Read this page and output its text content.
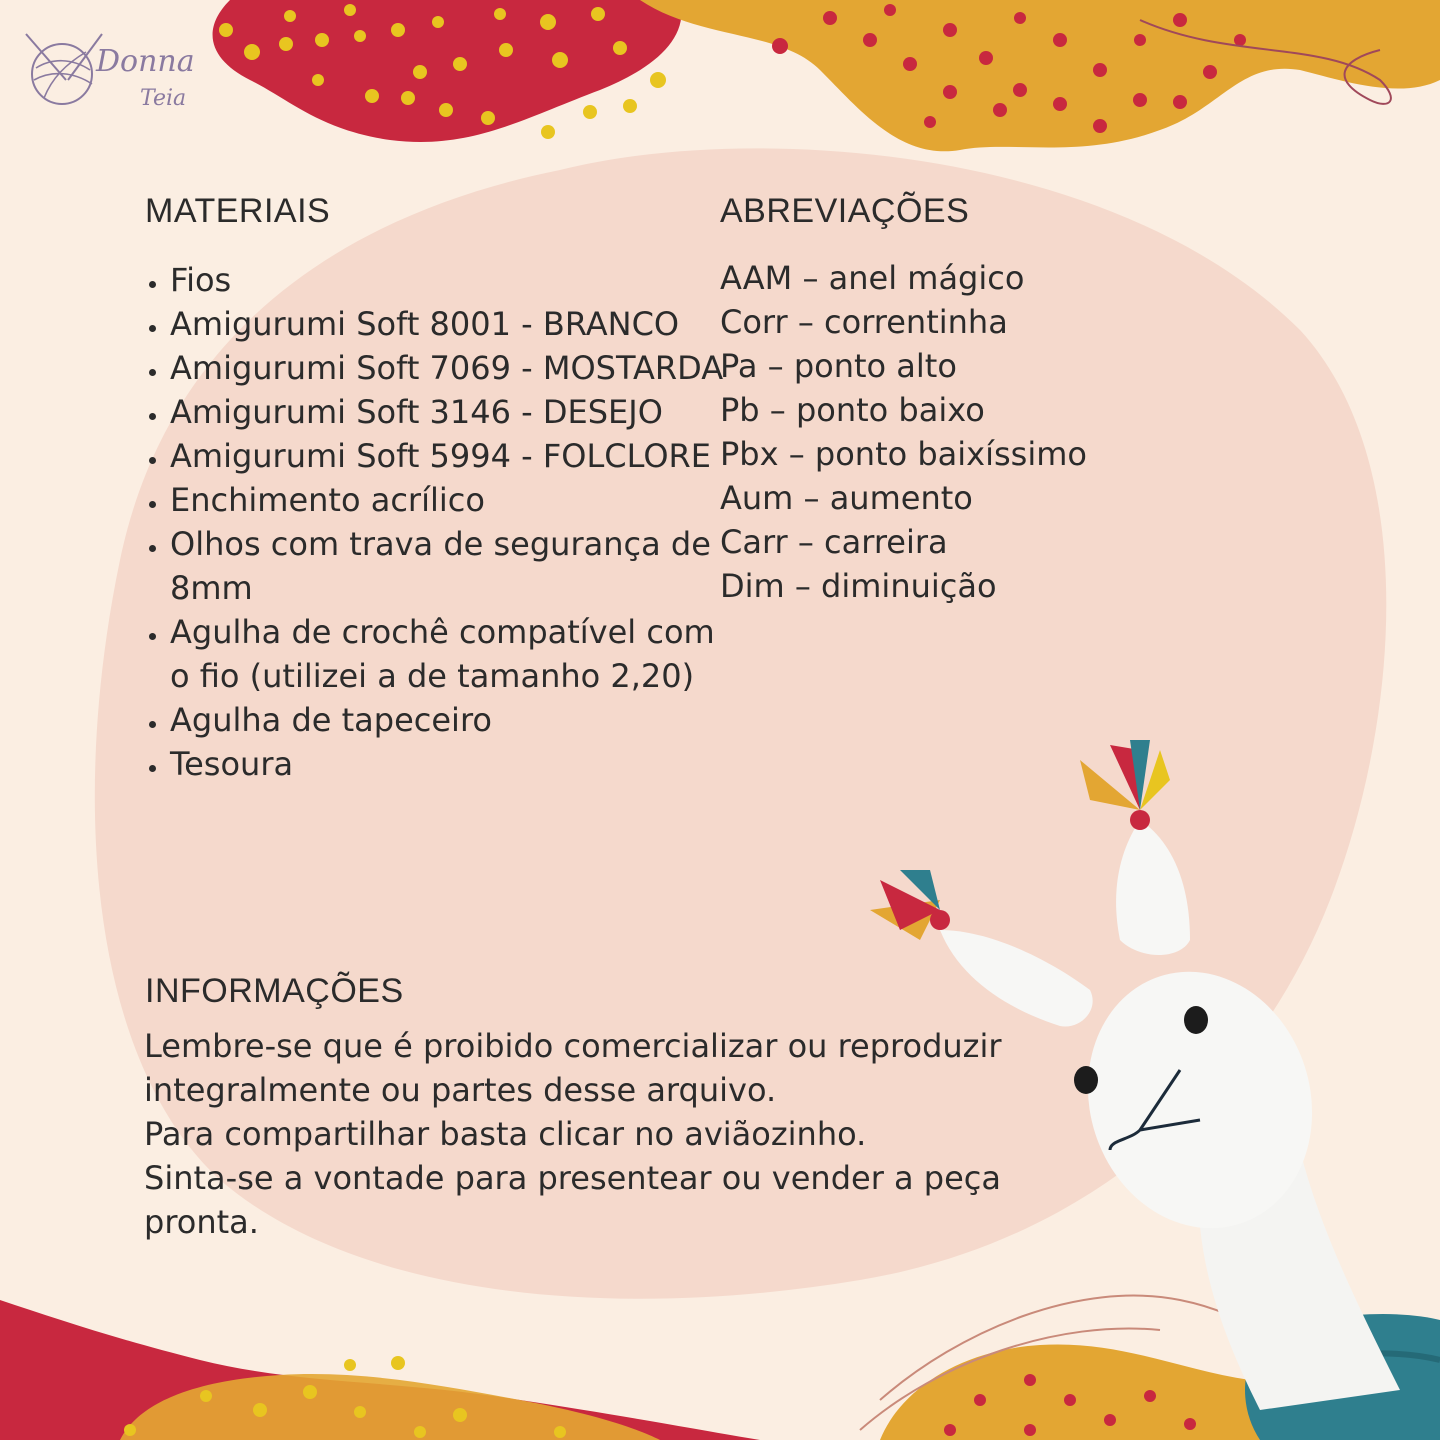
Donna
Teia
MATERIAIS
• Fios
• Amigurumi Soft 8001 - BRANCO
• Amigurumi Soft 7069 - MOSTARDA
• Amigurumi Soft 3146 - DESEJO
• Amigurumi Soft 5994 - FOLCLORE
• Enchimento acrílico
• Olhos com trava de segurança de 8mm
• Agulha de crochê compatível com o fio (utilizei a de tamanho 2,20)
• Agulha de tapeceiro
• Tesoura
ABREVIAÇÕES
AAM – anel mágico
Corr – correntinha
Pa – ponto alto
Pb – ponto baixo
Pbx – ponto baixíssimo
Aum – aumento
Carr – carreira
Dim – diminuição
INFORMAÇÕES

Lembre-se que é proibido comercializar ou reproduzir integralmente ou partes desse arquivo.

Para compartilhar basta clicar no aviãozinho.

Sinta-se a vontade para presentear ou vender a peça pronta.
